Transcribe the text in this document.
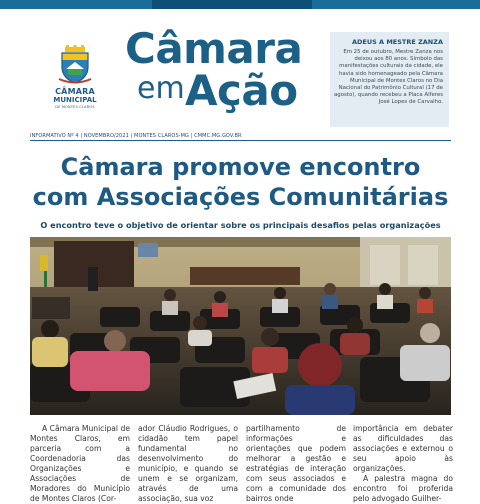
CÂMARA
MUNICIPAL
DE MONTES CLAROS
Câmara
em Ação
ADEUS A MESTRE ZANZA
Em 25 de outubro, Mestre Zanza nos deixou aos 80 anos. Símbolo das manifestações culturais da cidade, ele havia sido homenageado pela Câmara Municipal de Montes Claros no Dia Nacional do Patrimônio Cultural (17 de agosto), quando recebeu a Placa Alferes José Lopes de Carvalho.
INFORMATIVO Nº 4 | NOVEMBRO/2021 | MONTES CLAROS-MG | CMMC.MG.GOV.BR
Câmara promove encontro
com Associações Comunitárias
O encontro teve o objetivo de orientar sobre os principais desafios pelas organizações
A Câmara Municipal de Montes Claros, em parceria com a Coordenadoria das Organizações e Associações de Moradores do Município de Montes Claros (Cor-
ador Cláudio Rodrigues, o cidadão tem papel fundamental no desenvolvimento do município, e quando se unem e se organizam, através de uma associação, sua voz
partilhamento de informações e orientações que podem melhorar a gestão e estratégias de interação com seus associados e com a comunidade dos bairros onde
importância em debater as dificuldades das associações e externou o seu apoio às organizações.
A palestra magna do encontro foi proferida pelo advogado Guilher-
